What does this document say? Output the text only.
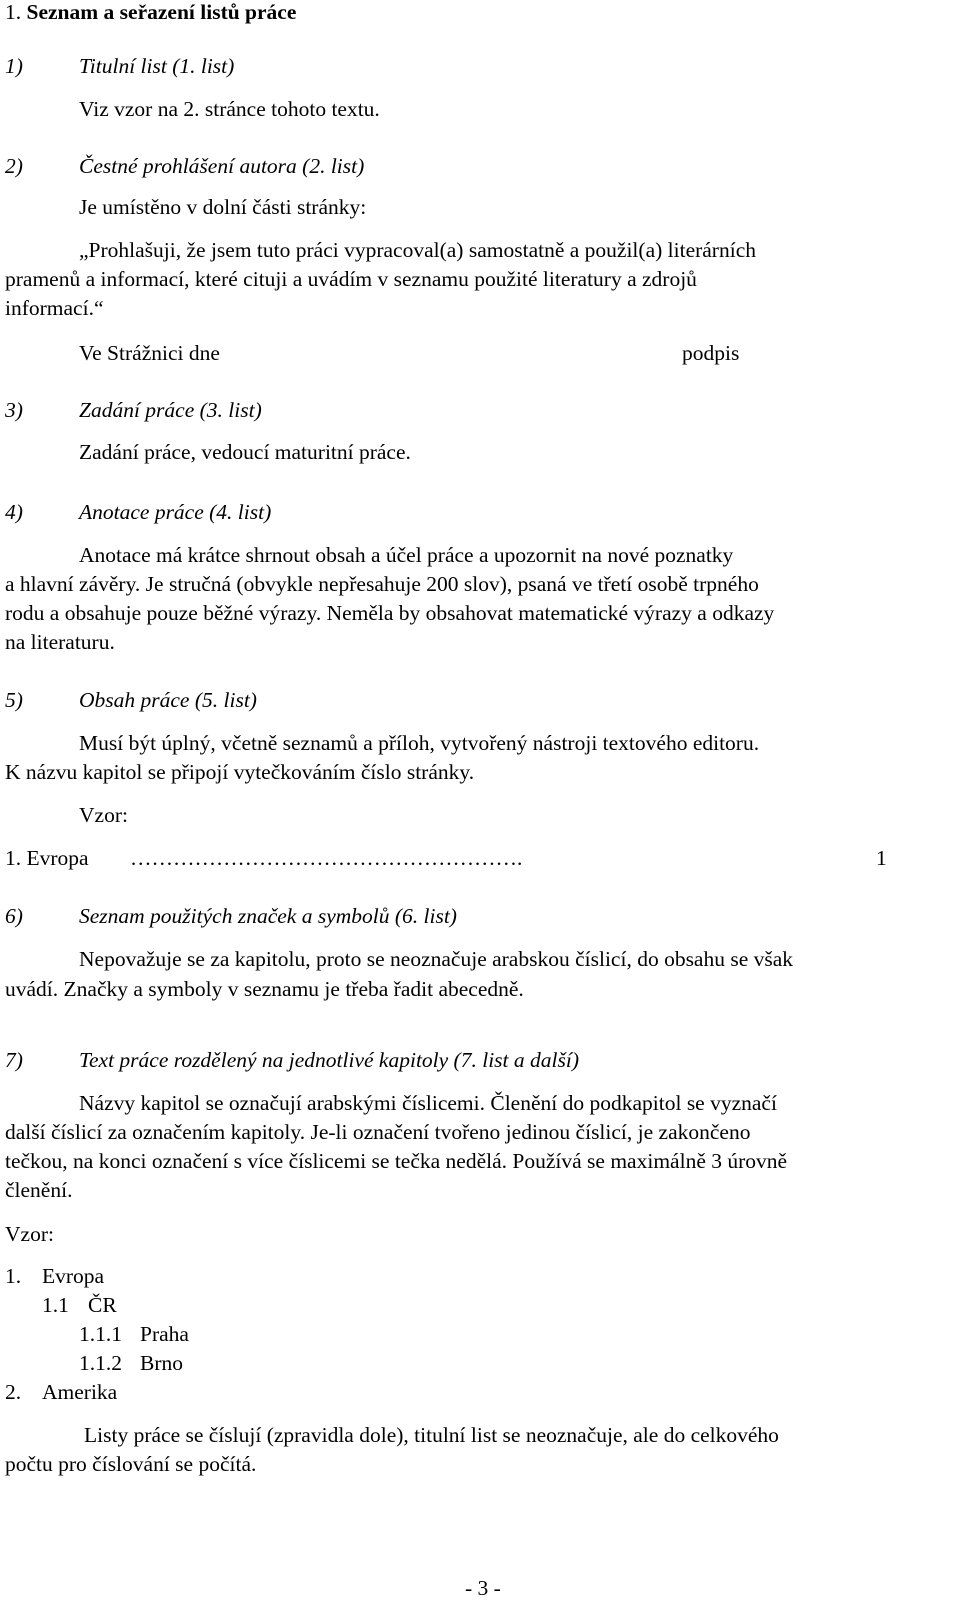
1. Seznam a seřazení listů práce
1)	Titulní list (1. list)
Viz vzor na 2. stránce tohoto textu.
2)	Čestné prohlášení autora (2. list)
Je umístěno v dolní části stránky:
„Prohlašuji, že jsem tuto práci vypracoval(a) samostatně a použil(a) literárních
pramenů a informací, které cituji a uvádím v seznamu použité literatury a zdrojů
informací.“
Ve Strážnici dne	podpis
3)	Zadání práce (3. list)
Zadání práce, vedoucí maturitní práce.
4)	Anotace práce (4. list)
Anotace má krátce shrnout obsah a účel práce a upozornit na nové poznatky
a hlavní závěry. Je stručná (obvykle nepřesahuje 200 slov), psaná ve třetí osobě trpného
rodu a obsahuje pouze běžné výrazy. Neměla by obsahovat matematické výrazy a odkazy
na literaturu.
5)	Obsah práce (5. list)
Musí být úplný, včetně seznamů a příloh, vytvořený nástroji textového editoru.
K názvu kapitol se připojí vytečkováním číslo stránky.
Vzor:
1. Evropa ……………………………………………….	1
6)	Seznam použitých značek a symbolů (6. list)
Nepovažuje se za kapitolu, proto se neoznačuje arabskou číslicí, do obsahu se však
uvádí. Značky a symboly v seznamu je třeba řadit abecedně.
7)	Text práce rozdělený na jednotlivé kapitoly (7. list a další)
Názvy kapitol se označují arabskými číslicemi. Členění do podkapitol se vyznačí
další číslicí za označením kapitoly. Je-li označení tvořeno jedinou číslicí, je zakončeno
tečkou, na konci označení s více číslicemi se tečka nedělá. Používá se maximálně 3 úrovně
členění.
Vzor:
1. Evropa
1.1 ČR
1.1.1 Praha
1.1.2 Brno
2. Amerika
Listy práce se číslují (zpravidla dole), titulní list se neoznačuje, ale do celkového
počtu pro číslování se počítá.
- 3 -
